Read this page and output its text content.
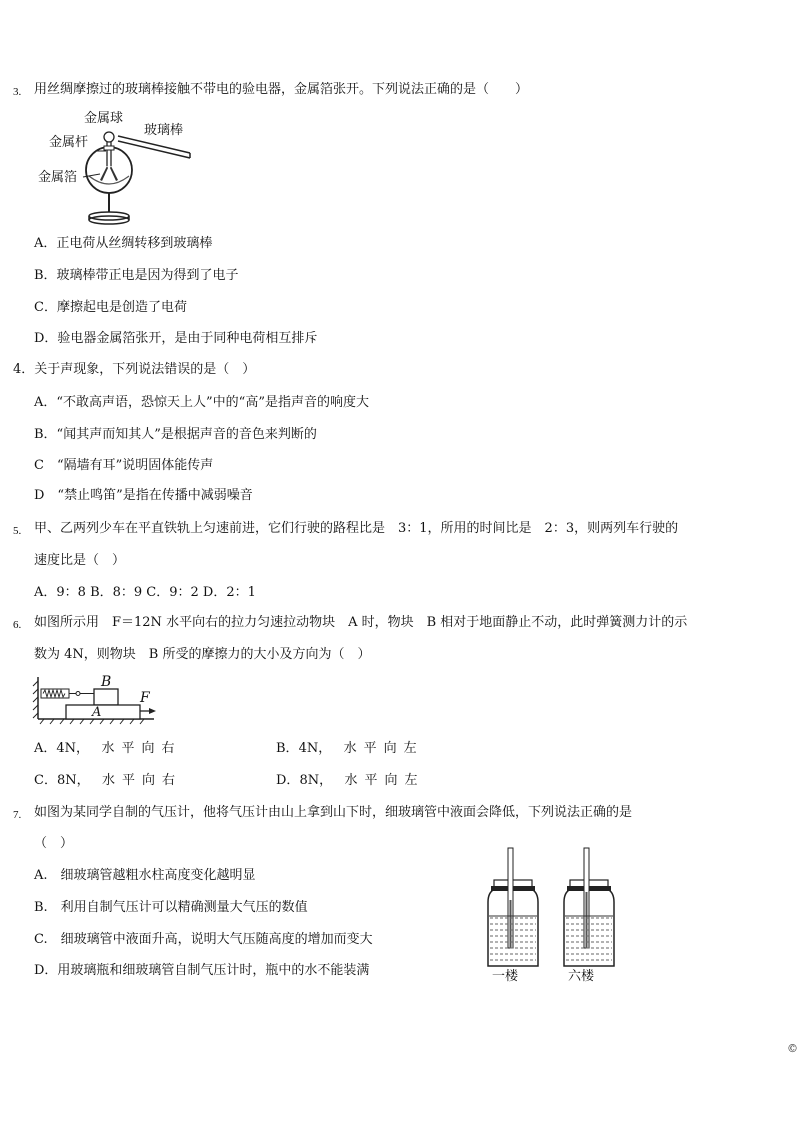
3. 用丝绸摩擦过的玻璃棒接触不带电的验电器，金属箔张开。下列说法正确的是（　　）
金属球
玻璃棒
金属杆
金属箔
A．正电荷从丝绸转移到玻璃棒
B．玻璃棒带正电是因为得到了电子
C．摩擦起电是创造了电荷
D．验电器金属箔张开，是由于同种电荷相互排斥
4．关于声现象，下列说法错误的是（　）
A．“不敢高声语，恐惊天上人”中的“高”是指声音的响度大
B．“闻其声而知其人”是根据声音的音色来判断的
C　“隔墙有耳”说明固体能传声
D　“禁止鸣笛”是指在传播中减弱噪音
5. 甲、乙两列少车在平直铁轨上匀速前进，它们行驶的路程比是　3：1，所用的时间比是　2：3，则两列车行驶的
速度比是（　）
A．9：8 B．8：9 C．9：2 D．2：1
6. 如图所示用　F＝12N 水平向右的拉力匀速拉动物块　A 时，物块　B 相对于地面静止不动，此时弹簧测力计的示
数为 4N，则物块　B 所受的摩擦力的大小及方向为（　）
B
A
F
A．4N， 水平向右	B．4N， 水平向左
C．8N， 水平向右	D．8N， 水平向左
7. 如图为某同学自制的气压计，他将气压计由山上拿到山下时，细玻璃管中液面会降低，下列说法正确的是
（　）
A.　细玻璃管越粗水柱高度变化越明显
B.　利用自制气压计可以精确测量大气压的数值
C.　细玻璃管中液面升高，说明大气压随高度的增加而变大
D．用玻璃瓶和细玻璃管自制气压计时，瓶中的水不能装满	一楼	六楼
©
